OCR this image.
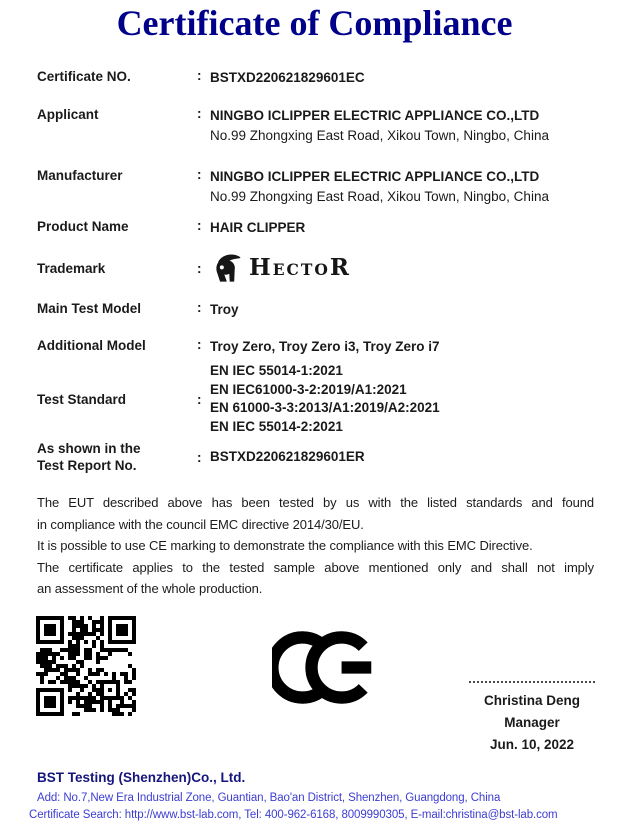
Certificate of Compliance
Certificate NO.	: BSTXD220621829601EC
Applicant	: NINGBO ICLIPPER ELECTRIC APPLIANCE CO.,LTD
No.99 Zhongxing East Road, Xikou Town, Ningbo, China
Manufacturer	: NINGBO ICLIPPER ELECTRIC APPLIANCE CO.,LTD
No.99 Zhongxing East Road, Xikou Town, Ningbo, China
Product Name	: HAIR CLIPPER
Trademark	:	H ECTO R
Main Test Model	: Troy
Additional Model	: Troy Zero, Troy Zero i3, Troy Zero i7
Test Standard	:
EN IEC 55014-1:2021
EN IEC61000-3-2:2019/A1:2021
EN 61000-3-3:2013/A1:2019/A2:2021
EN IEC 55014-2:2021
As shown in the
Test Report No.
: BSTXD220621829601ER
The EUT described above has been tested by us with the listed standards and found
in compliance with the council EMC directive 2014/30/EU.
It is possible to use CE marking to demonstrate the compliance with this EMC Directive.
The certificate applies to the tested sample above mentioned only and shall not imply
an assessment of the whole production.
Christina Deng
Manager
Jun. 10, 2022
BST Testing (Shenzhen)Co., Ltd.
Add: No.7,New Era Industrial Zone, Guantian, Bao'an District, Shenzhen, Guangdong, China
Certificate Search: http://www.bst-lab.com, Tel: 400-962-6168, 8009990305, E-mail:christina@bst-lab.com
